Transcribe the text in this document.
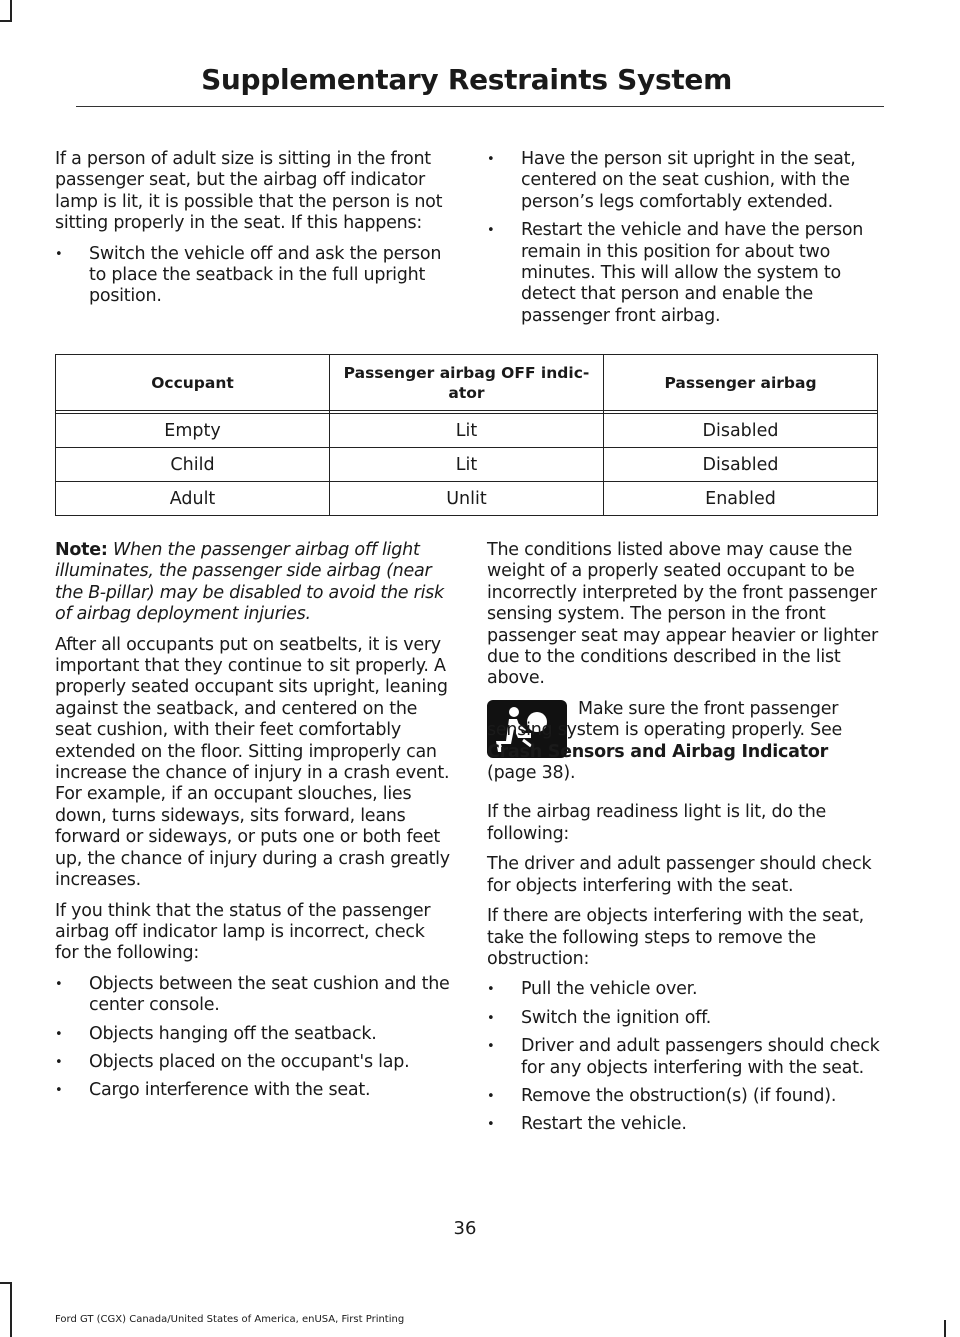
Supplementary Restraints System

If a person of adult size is sitting in the front passenger seat, but the airbag off indicator lamp is lit, it is possible that the person is not sitting properly in the seat. If this happens:

• Switch the vehicle off and ask the person to place the seatback in the full upright position.
• Have the person sit upright in the seat, centered on the seat cushion, with the person’s legs comfortably extended.
• Restart the vehicle and have the person remain in this position for about two minutes. This will allow the system to detect that person and enable the passenger front airbag.
Occupant	Passenger airbag OFF indic-ator	Passenger airbag

Empty	Lit	Disabled
Child	Lit	Disabled
Adult	Unlit	Enabled

Note: When the passenger airbag off light illuminates, the passenger side airbag (near the B-pillar) may be disabled to avoid the risk of airbag deployment injuries.

After all occupants put on seatbelts, it is very important that they continue to sit properly. A properly seated occupant sits upright, leaning against the seatback, and centered on the seat cushion, with their feet comfortably extended on the floor. Sitting improperly can increase the chance of injury in a crash event. For example, if an occupant slouches, lies down, turns sideways, sits forward, leans forward or sideways, or puts one or both feet up, the chance of injury during a crash greatly increases.

If you think that the status of the passenger airbag off indicator lamp is incorrect, check for the following:

• Objects between the seat cushion and the center console.
• Objects hanging off the seatback.
• Objects placed on the occupant's lap.
• Cargo interference with the seat.

The conditions listed above may cause the weight of a properly seated occupant to be incorrectly interpreted by the front passenger sensing system. The person in the front passenger seat may appear heavier or lighter due to the conditions described in the list above.

Make sure the front passenger sensing system is operating properly. See Crash Sensors and Airbag Indicator (page 38).

If the airbag readiness light is lit, do the following:

The driver and adult passenger should check for objects interfering with the seat.

If there are objects interfering with the seat, take the following steps to remove the obstruction:

• Pull the vehicle over.
• Switch the ignition off.
• Driver and adult passengers should check for any objects interfering with the seat.
• Remove the obstruction(s) (if found).
• Restart the vehicle.
36
Ford GT (CGX) Canada/United States of America, enUSA, First Printing
